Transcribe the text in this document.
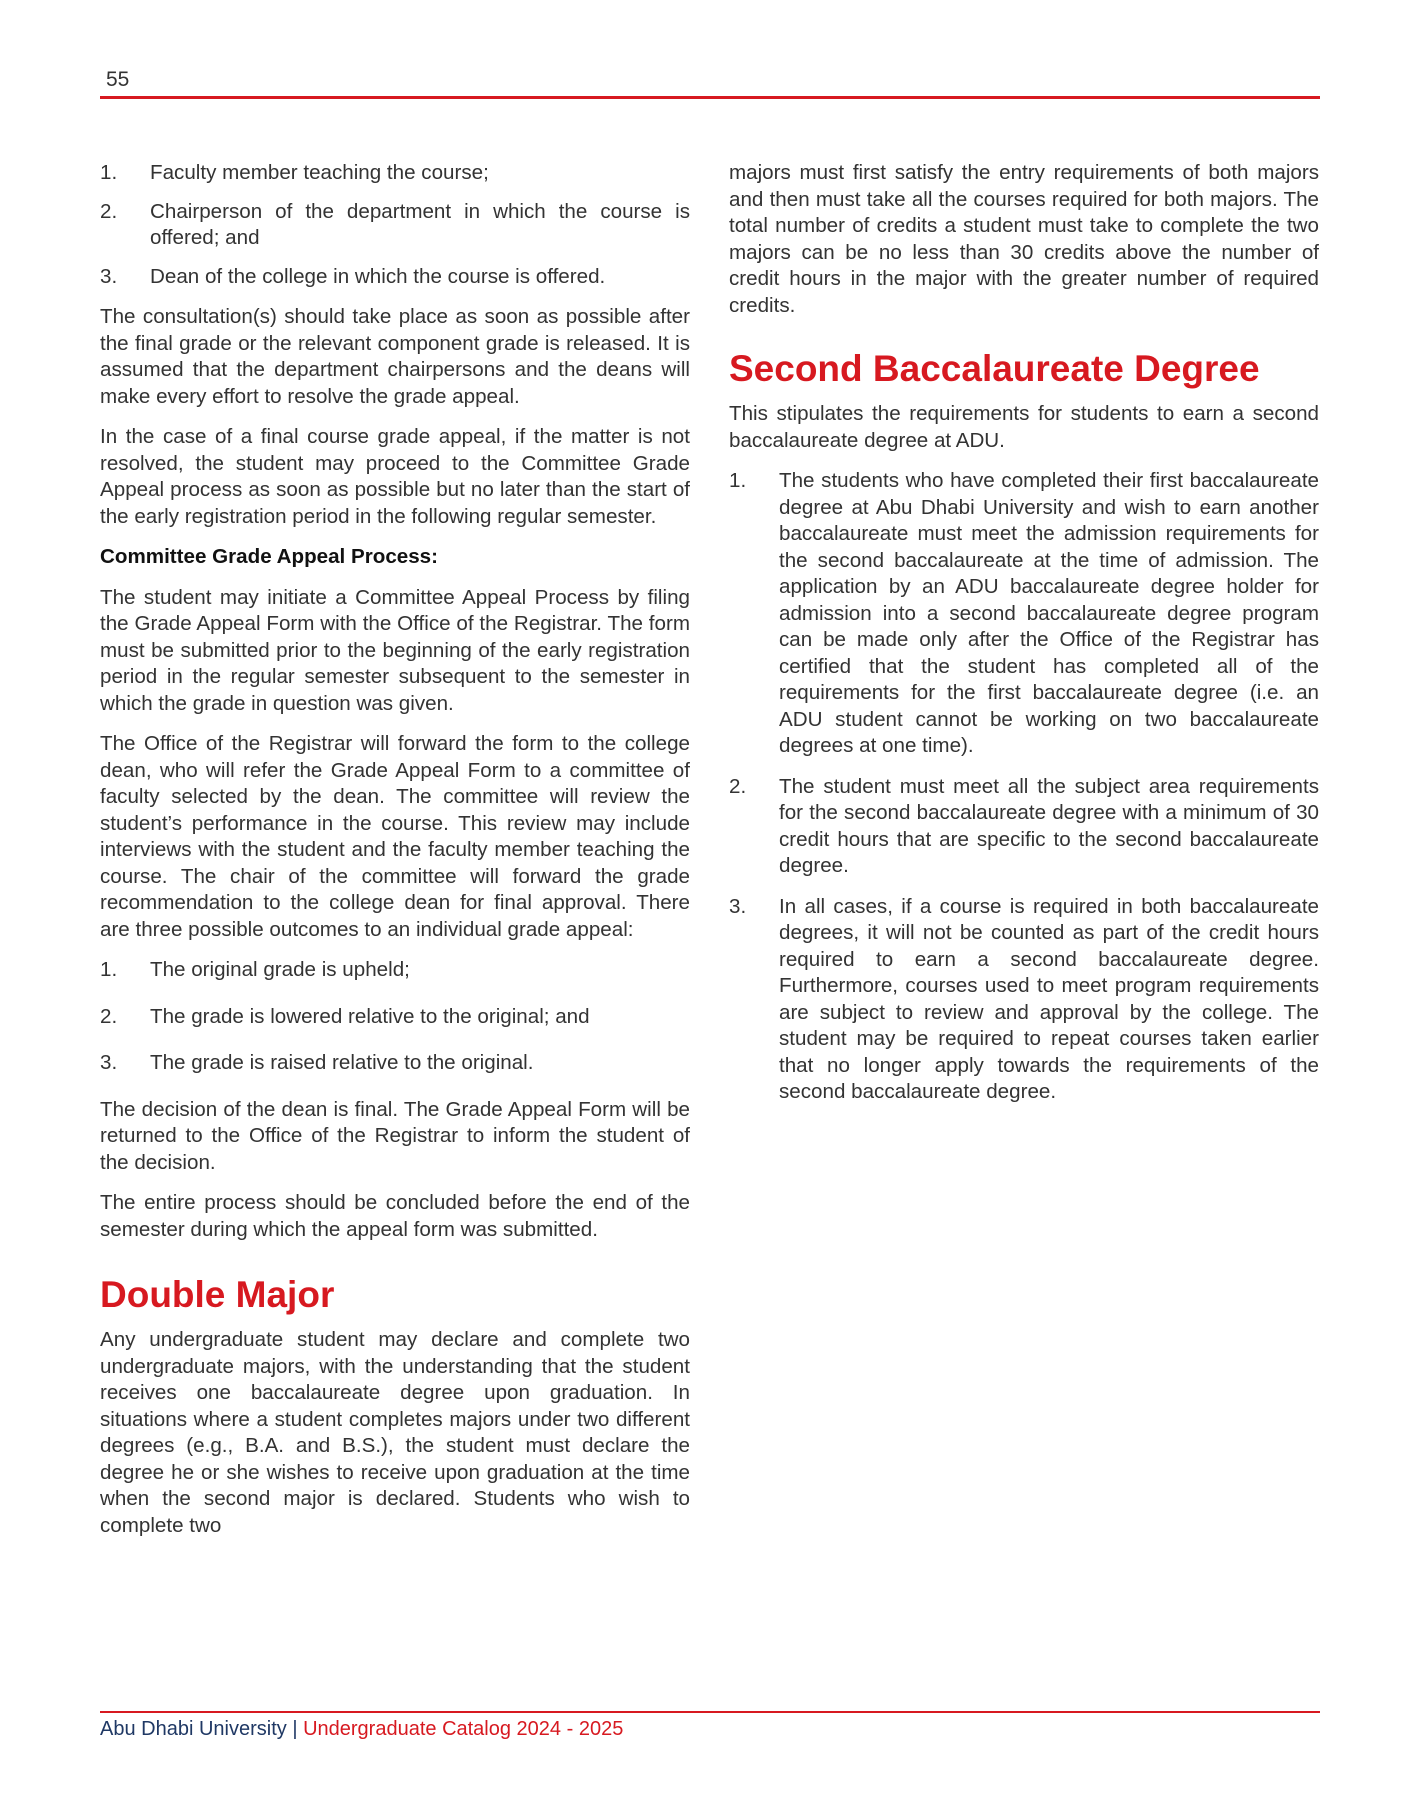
55
1. Faculty member teaching the course;
2. Chairperson of the department in which the course is offered; and
3. Dean of the college in which the course is offered.

The consultation(s) should take place as soon as possible after the final grade or the relevant component grade is released. It is assumed that the department chairpersons and the deans will make every effort to resolve the grade appeal.

In the case of a final course grade appeal, if the matter is not resolved, the student may proceed to the Committee Grade Appeal process as soon as possible but no later than the start of the early registration period in the following regular semester.

Committee Grade Appeal Process:

The student may initiate a Committee Appeal Process by filing the Grade Appeal Form with the Office of the Registrar. The form must be submitted prior to the beginning of the early registration period in the regular semester subsequent to the semester in which the grade in question was given.

The Office of the Registrar will forward the form to the college dean, who will refer the Grade Appeal Form to a committee of faculty selected by the dean. The committee will review the student’s performance in the course. This review may include interviews with the student and the faculty member teaching the course. The chair of the committee will forward the grade recommendation to the college dean for final approval. There are three possible outcomes to an individual grade appeal:

1. The original grade is upheld;
2. The grade is lowered relative to the original; and
3. The grade is raised relative to the original.

The decision of the dean is final. The Grade Appeal Form will be returned to the Office of the Registrar to inform the student of the decision.

The entire process should be concluded before the end of the semester during which the appeal form was submitted.

Double Major

Any undergraduate student may declare and complete two undergraduate majors, with the understanding that the student receives one baccalaureate degree upon graduation. In situations where a student completes majors under two different degrees (e.g., B.A. and B.S.), the student must declare the degree he or she wishes to receive upon graduation at the time when the second major is declared. Students who wish to complete two

majors must first satisfy the entry requirements of both majors and then must take all the courses required for both majors. The total number of credits a student must take to complete the two majors can be no less than 30 credits above the number of credit hours in the major with the greater number of required credits.

Second Baccalaureate Degree

This stipulates the requirements for students to earn a second baccalaureate degree at ADU.

1. The students who have completed their first baccalaureate degree at Abu Dhabi University and wish to earn another baccalaureate must meet the admission requirements for the second baccalaureate at the time of admission. The application by an ADU baccalaureate degree holder for admission into a second baccalaureate degree program can be made only after the Office of the Registrar has certified that the student has completed all of the requirements for the first baccalaureate degree (i.e. an ADU student cannot be working on two baccalaureate degrees at one time).
2. The student must meet all the subject area requirements for the second baccalaureate degree with a minimum of 30 credit hours that are specific to the second baccalaureate degree.
3. In all cases, if a course is required in both baccalaureate degrees, it will not be counted as part of the credit hours required to earn a second baccalaureate degree. Furthermore, courses used to meet program requirements are subject to review and approval by the college. The student may be required to repeat courses taken earlier that no longer apply towards the requirements of the second baccalaureate degree.
Abu Dhabi University | Undergraduate Catalog 2024 - 2025
